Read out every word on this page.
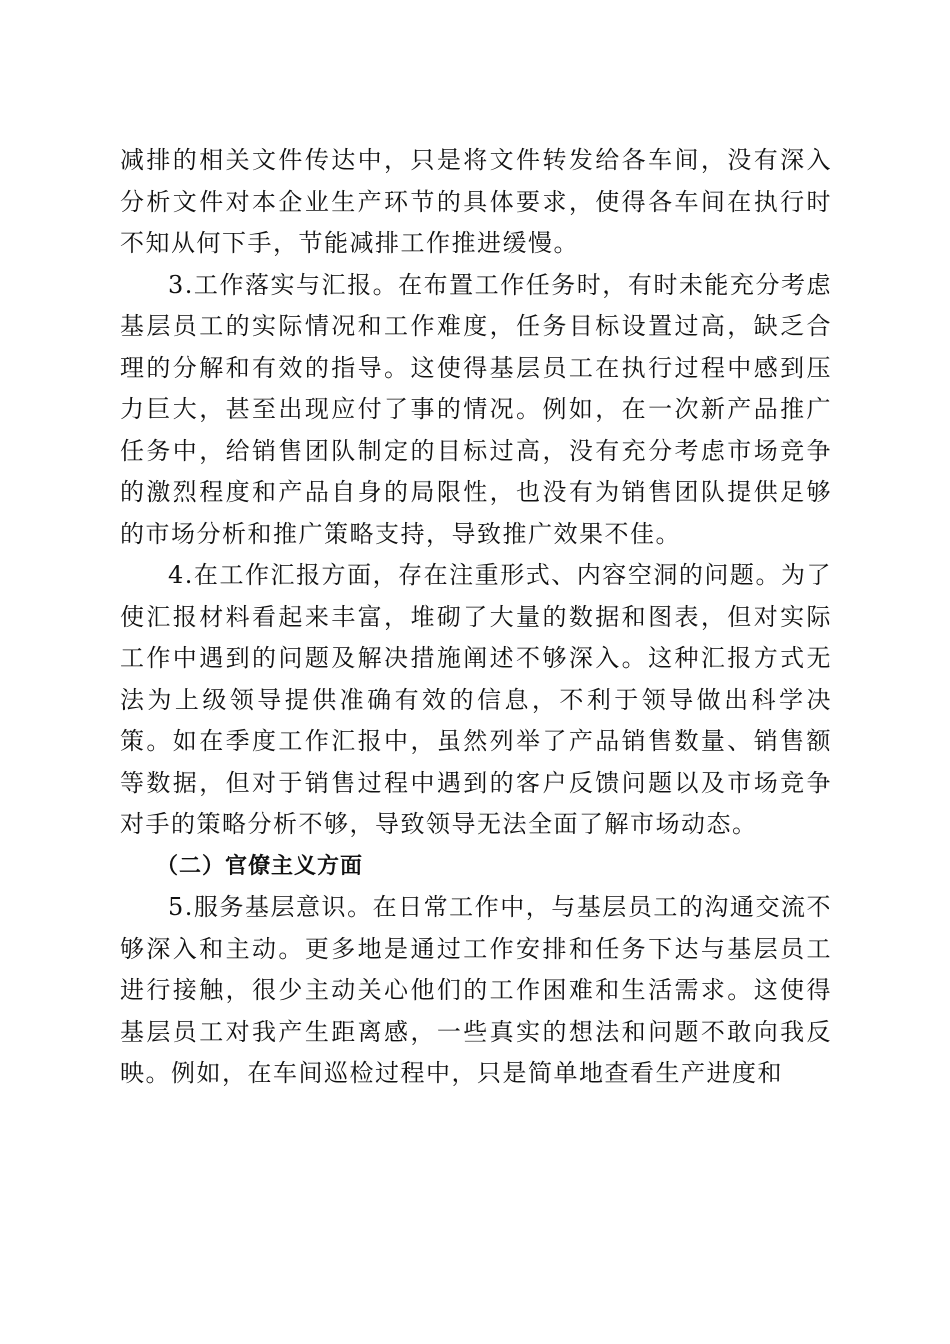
减排的相关文件传达中，只是将文件转发给各车间，没有深入分析文件对本企业生产环节的具体要求，使得各车间在执行时不知从何下手，节能减排工作推进缓慢。

3.工作落实与汇报。在布置工作任务时，有时未能充分考虑基层员工的实际情况和工作难度，任务目标设置过高，缺乏合理的分解和有效的指导。这使得基层员工在执行过程中感到压力巨大，甚至出现应付了事的情况。例如，在一次新产品推广任务中，给销售团队制定的目标过高，没有充分考虑市场竞争的激烈程度和产品自身的局限性，也没有为销售团队提供足够的市场分析和推广策略支持，导致推广效果不佳。

4.在工作汇报方面，存在注重形式、内容空洞的问题。为了使汇报材料看起来丰富，堆砌了大量的数据和图表，但对实际工作中遇到的问题及解决措施阐述不够深入。这种汇报方式无法为上级领导提供准确有效的信息，不利于领导做出科学决策。如在季度工作汇报中，虽然列举了产品销售数量、销售额等数据，但对于销售过程中遇到的客户反馈问题以及市场竞争对手的策略分析不够，导致领导无法全面了解市场动态。

（二）官僚主义方面

5.服务基层意识。在日常工作中，与基层员工的沟通交流不够深入和主动。更多地是通过工作安排和任务下达与基层员工进行接触，很少主动关心他们的工作困难和生活需求。这使得基层员工对我产生距离感，一些真实的想法和问题不敢向我反映。例如，在车间巡检过程中，只是简单地查看生产进度和
